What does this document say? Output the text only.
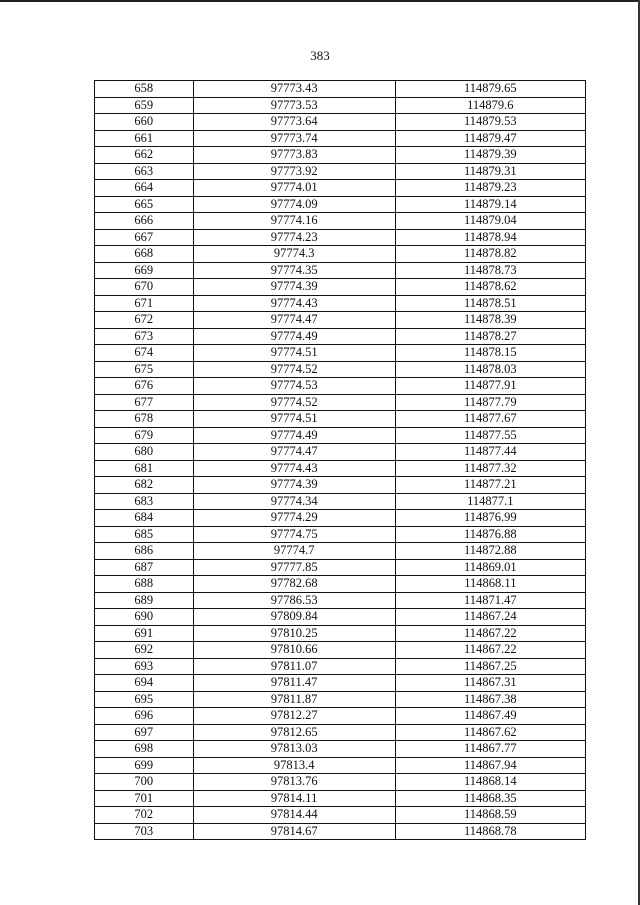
383
658	97773.43	114879.65
659	97773.53	114879.6
660	97773.64	114879.53
661	97773.74	114879.47
662	97773.83	114879.39
663	97773.92	114879.31
664	97774.01	114879.23
665	97774.09	114879.14
666	97774.16	114879.04
667	97774.23	114878.94
668	97774.3	114878.82
669	97774.35	114878.73
670	97774.39	114878.62
671	97774.43	114878.51
672	97774.47	114878.39
673	97774.49	114878.27
674	97774.51	114878.15
675	97774.52	114878.03
676	97774.53	114877.91
677	97774.52	114877.79
678	97774.51	114877.67
679	97774.49	114877.55
680	97774.47	114877.44
681	97774.43	114877.32
682	97774.39	114877.21
683	97774.34	114877.1
684	97774.29	114876.99
685	97774.75	114876.88
686	97774.7	114872.88
687	97777.85	114869.01
688	97782.68	114868.11
689	97786.53	114871.47
690	97809.84	114867.24
691	97810.25	114867.22
692	97810.66	114867.22
693	97811.07	114867.25
694	97811.47	114867.31
695	97811.87	114867.38
696	97812.27	114867.49
697	97812.65	114867.62
698	97813.03	114867.77
699	97813.4	114867.94
700	97813.76	114868.14
701	97814.11	114868.35
702	97814.44	114868.59
703	97814.67	114868.78
